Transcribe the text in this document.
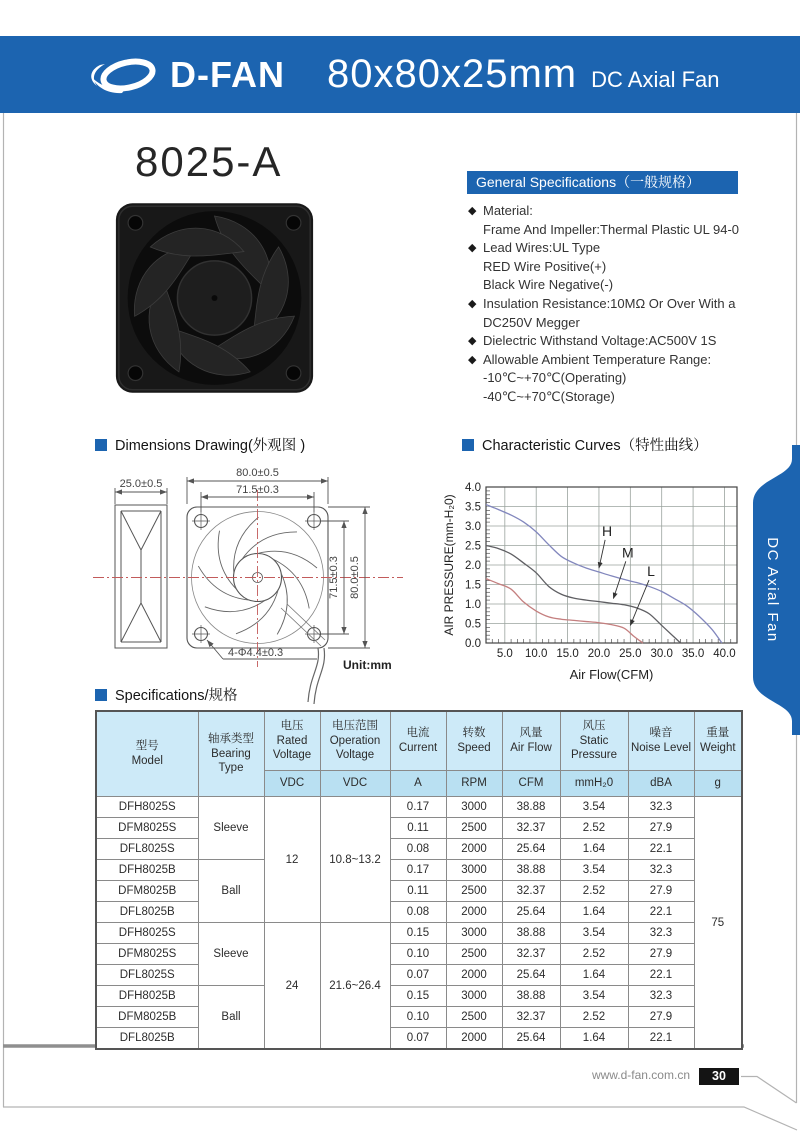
D-FAN 80x80x25mm DC Axial Fan
8025-A	General Specifications（一般规格）
◆ Material:
Frame And Impeller:Thermal Plastic UL 94-0
◆ Lead Wires:UL Type
RED Wire Positive(+)
Black Wire Negative(-)
◆ Insulation Resistance:10MΩ Or Over With a
DC250V Megger
◆ Dielectric Withstand Voltage:AC500V 1S
◆ Allowable Ambient Temperature Range:
-10℃~+70℃(Operating)
-40℃~+70℃(Storage)
Dimensions Drawing(外观图 )
25.0±0.5
80.0±0.5
71.5±0.3
71.5±0.3 80.0±0.5
4-Φ4.4±0.3
Unit:mm
Characteristic Curves（特性曲线）
5.0 10.0 15.0 20.0 25.0 30.0 35.0 40.0
0.0
0.5
1.0
1.5
2.0
2.5
3.0
3.5
4.0
Air Flow(CFM)
AIR PRESSURE(mm-H₂0)	H
M
L	DC Axial Fan
Specifications/规格
型号
Model

轴承类型
Bearing Type

电压
Rated Voltage

电压范围
Operation Voltage

电流
Current

转数
Speed

风量
Air Flow

风压
Static Pressure

噪音
Noise Level

重量
Weight

		VDC	VDC	A	RPM	CFM	mmH₂0	dBA	g
DFH8025S	Sleeve	12	10.8~13.2	0.17	3000	38.88	3.54	32.3	75
DFM8025S				0.11	2500	32.37	2.52	27.9	
DFL8025S				0.08	2000	25.64	1.64	22.1	
DFH8025B	Ball			0.17	3000	38.88	3.54	32.3	
DFM8025B				0.11	2500	32.37	2.52	27.9	
DFL8025B				0.08	2000	25.64	1.64	22.1	
DFH8025S	Sleeve	24	21.6~26.4	0.15	3000	38.88	3.54	32.3	
DFM8025S				0.10	2500	32.37	2.52	27.9	
DFL8025S				0.07	2000	25.64	1.64	22.1	
DFH8025B	Ball			0.15	3000	38.88	3.54	32.3	
DFM8025B				0.10	2500	32.37	2.52	27.9	
DFL8025B				0.07	2000	25.64	1.64	22.1	
www.d-fan.com.cn	30
